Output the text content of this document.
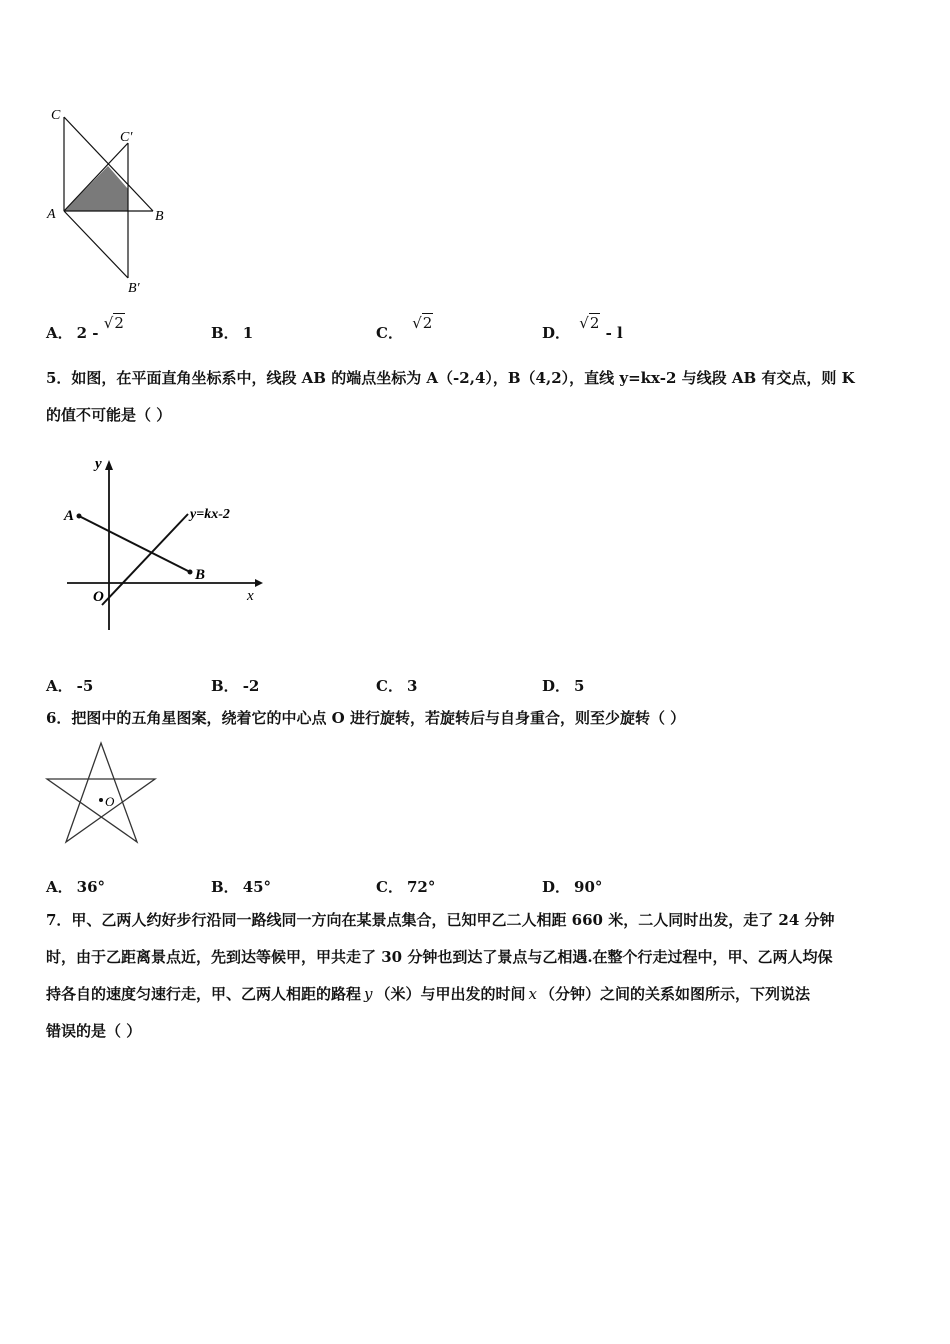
C
C′
A	B
B′
A． 2 - √2
B． 1	C． √2
D． √2 - l
5．如图，在平面直角坐标系中，线段 AB 的端点坐标为 A（-2,4），B（4,2），直线 y=kx-2 与线段 AB 有交点，则 K
的值不可能是（ ）
y
x
O
A
B
y=kx-2
A． -5	B． -2	C． 3	D． 5
6．把图中的五角星图案，绕着它的中心点 O 进行旋转，若旋转后与自身重合，则至少旋转（ ）
O
A． 36°	B． 45°	C． 72°	D． 90°
7．甲、乙两人约好步行沿同一路线同一方向在某景点集合，已知甲乙二人相距 660 米，二人同时出发，走了 24 分钟
时，由于乙距离景点近，先到达等候甲，甲共走了 30 分钟也到达了景点与乙相遇.在整个行走过程中，甲、乙两人均保
持各自的速度匀速行走，甲、乙两人相距的路程 y （米）与甲出发的时间 x （分钟）之间的关系如图所示，下列说法
错误的是（ ）
